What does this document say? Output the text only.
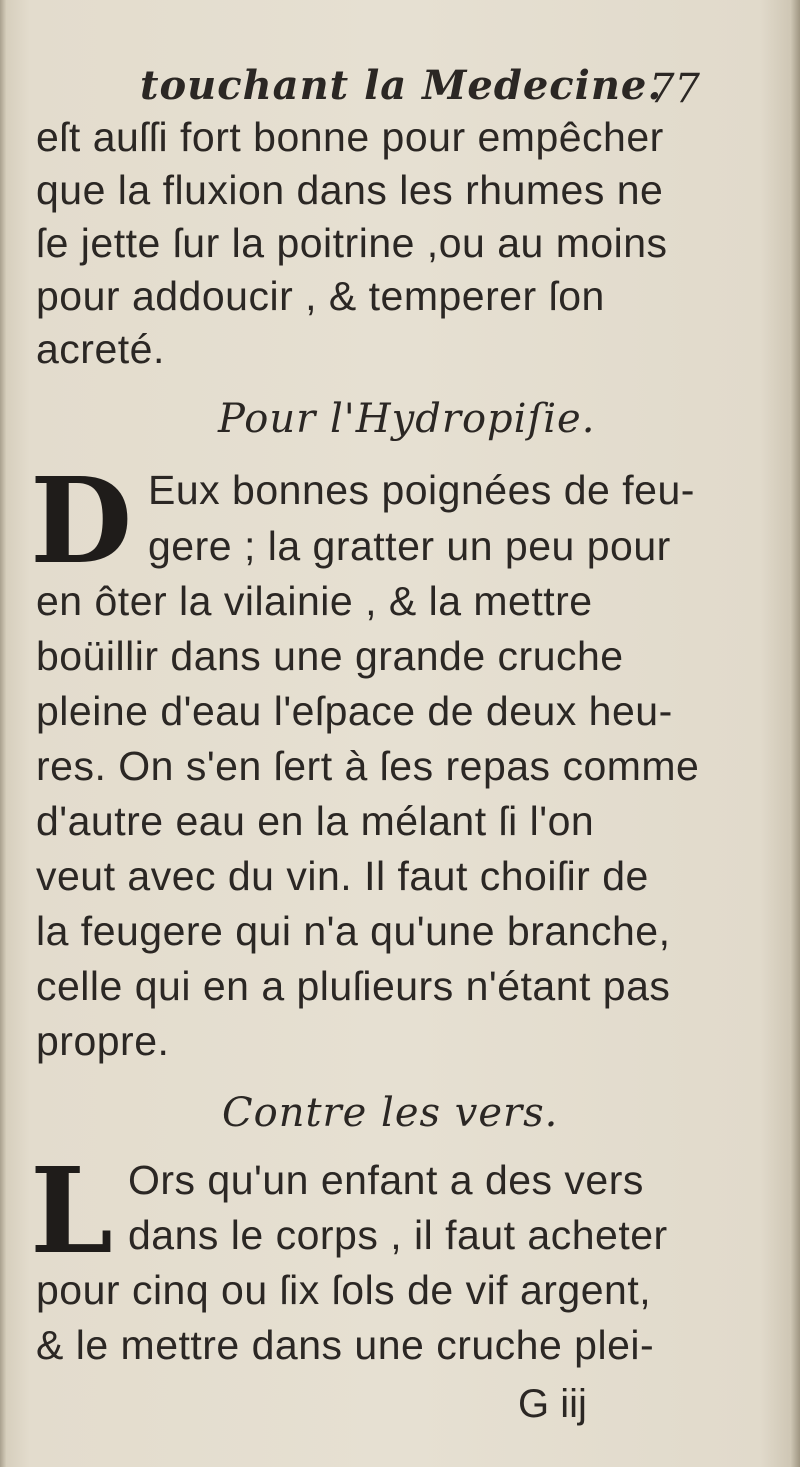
touchant la Medecine.
77
eſt auſſi fort bonne pour empêcher
que la fluxion dans les rhumes ne
ſe jette ſur la poitrine ,ou au moins
pour addoucir , & temperer ſon
acreté.
Pour l'Hydropiſie.
D Eux bonnes poignées de feu-
gere ; la gratter un peu pour
en ôter la vilainie , & la mettre
boüillir dans une grande cruche
pleine d'eau l'eſpace de deux heu-
res. On s'en ſert à ſes repas comme
d'autre eau en la mélant ſi l'on
veut avec du vin. Il faut choiſir de
la feugere qui n'a qu'une branche,
celle qui en a pluſieurs n'étant pas
propre.
Contre les vers.
L Ors qu'un enfant a des vers
dans le corps , il faut acheter
pour cinq ou ſix ſols de vif argent,
& le mettre dans une cruche plei-
G iij
